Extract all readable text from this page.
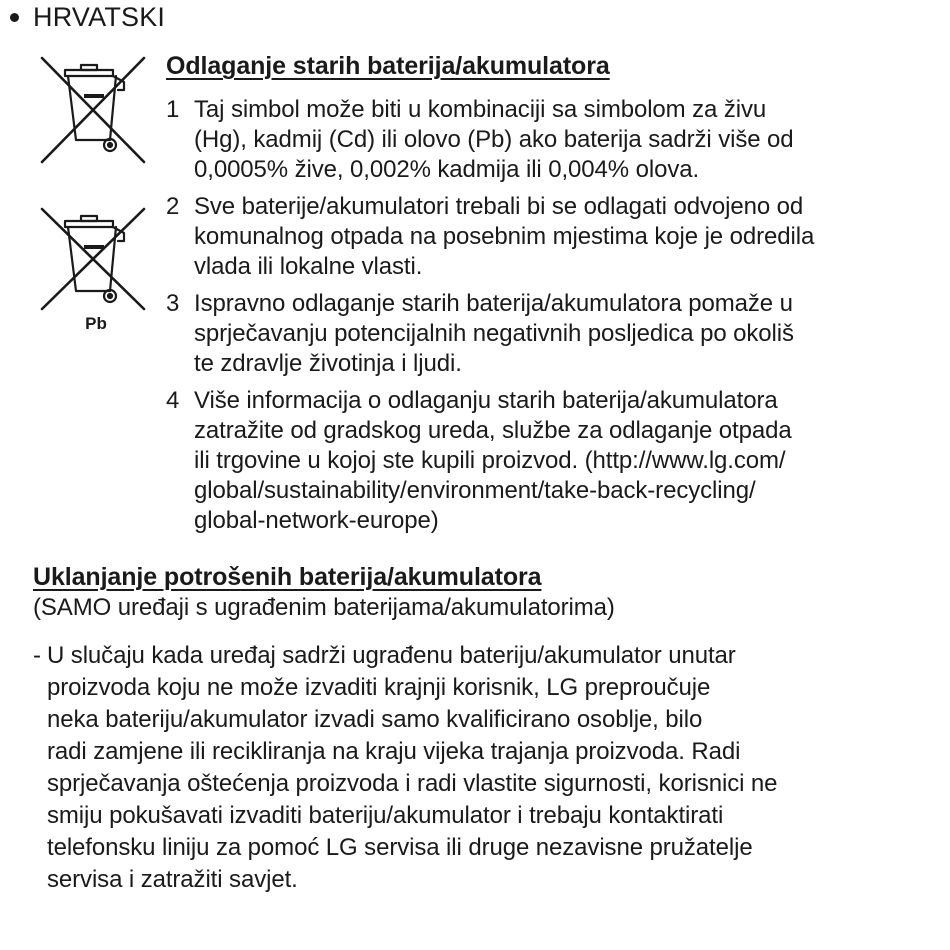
HRVATSKI
Pb
Odlaganje starih baterija/akumulatora
1 Taj simbol može biti u kombinaciji sa simbolom za živu
(Hg), kadmij (Cd) ili olovo (Pb) ako baterija sadrži više od
0,0005% žive, 0,002% kadmija ili 0,004% olova.
2 Sve baterije/akumulatori trebali bi se odlagati odvojeno od
komunalnog otpada na posebnim mjestima koje je odredila
vlada ili lokalne vlasti.
3 Ispravno odlaganje starih baterija/akumulatora pomaže u
sprječavanju potencijalnih negativnih posljedica po okoliš
te zdravlje životinja i ljudi.
4 Više informacija o odlaganju starih baterija/akumulatora
zatražite od gradskog ureda, službe za odlaganje otpada
ili trgovine u kojoj ste kupili proizvod. (http://www.lg.com/
global/sustainability/environment/take-back-recycling/
global-network-europe)
Uklanjanje potrošenih baterija/akumulatora
(SAMO uređaji s ugrađenim baterijama/akumulatorima)
- U slučaju kada uređaj sadrži ugrađenu bateriju/akumulator unutar
proizvoda koju ne može izvaditi krajnji korisnik, LG preproučuje
neka bateriju/akumulator izvadi samo kvalificirano osoblje, bilo
radi zamjene ili recikliranja na kraju vijeka trajanja proizvoda. Radi
sprječavanja oštećenja proizvoda i radi vlastite sigurnosti, korisnici ne
smiju pokušavati izvaditi bateriju/akumulator i trebaju kontaktirati
telefonsku liniju za pomoć LG servisa ili druge nezavisne pružatelje
servisa i zatražiti savjet.
